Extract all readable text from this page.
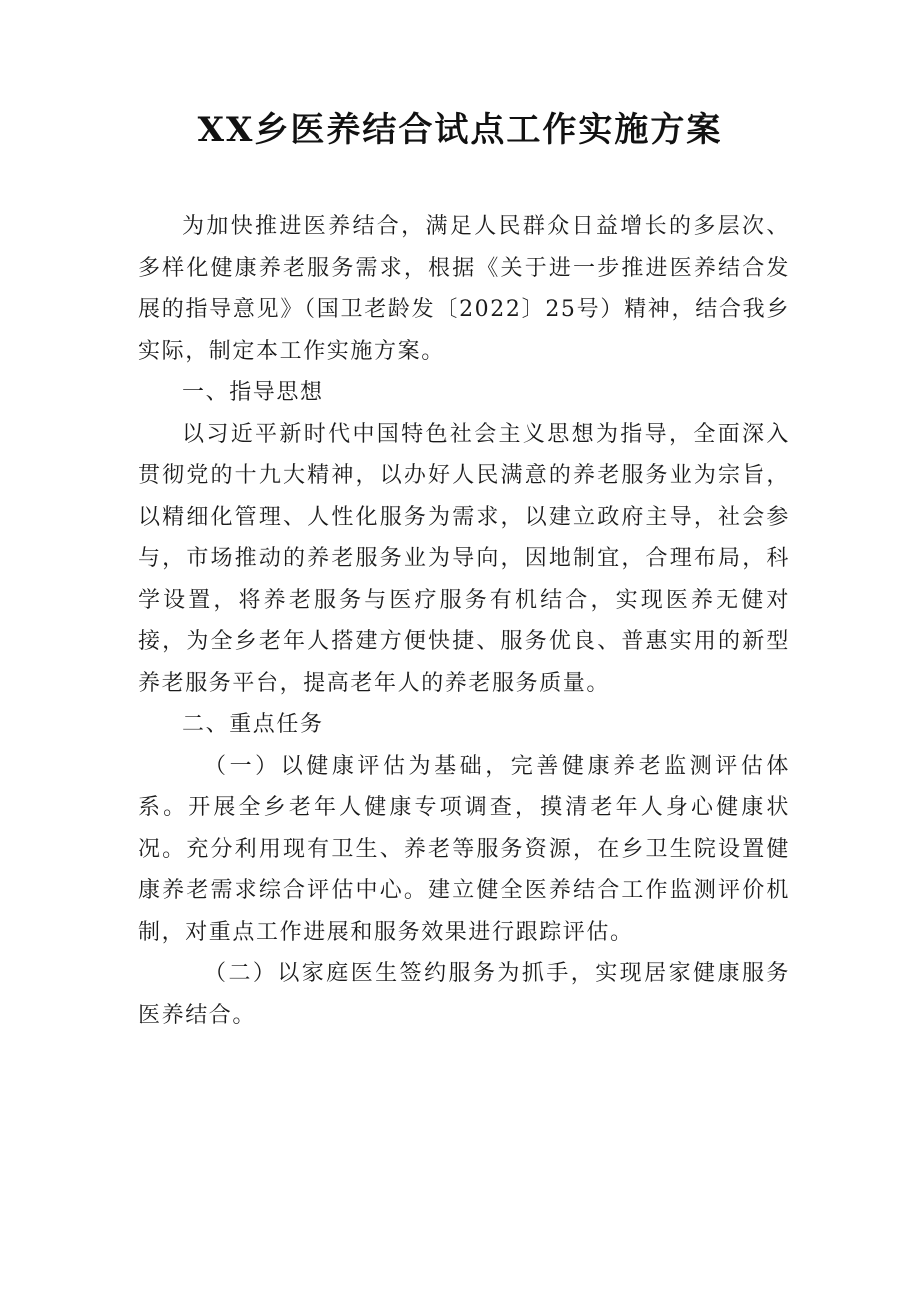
XX乡医养结合试点工作实施方案

为加快推进医养结合，满足人民群众日益增长的多层次、多样化健康养老服务需求，根据《关于进一步推进医养结合发展的指导意见》（国卫老龄发〔2022〕25号）精神，结合我乡实际，制定本工作实施方案。

一、指导思想

以习近平新时代中国特色社会主义思想为指导，全面深入贯彻党的十九大精神，以办好人民满意的养老服务业为宗旨，以精细化管理、人性化服务为需求，以建立政府主导，社会参与，市场推动的养老服务业为导向，因地制宜，合理布局，科学设置，将养老服务与医疗服务有机结合，实现医养无健对接，为全乡老年人搭建方便快捷、服务优良、普惠实用的新型养老服务平台，提高老年人的养老服务质量。

二、重点任务

（一）以健康评估为基础，完善健康养老监测评估体系。开展全乡老年人健康专项调查，摸清老年人身心健康状况。充分利用现有卫生、养老等服务资源，在乡卫生院设置健康养老需求综合评估中心。建立健全医养结合工作监测评价机制，对重点工作进展和服务效果进行跟踪评估。

（二）以家庭医生签约服务为抓手，实现居家健康服务医养结合。
